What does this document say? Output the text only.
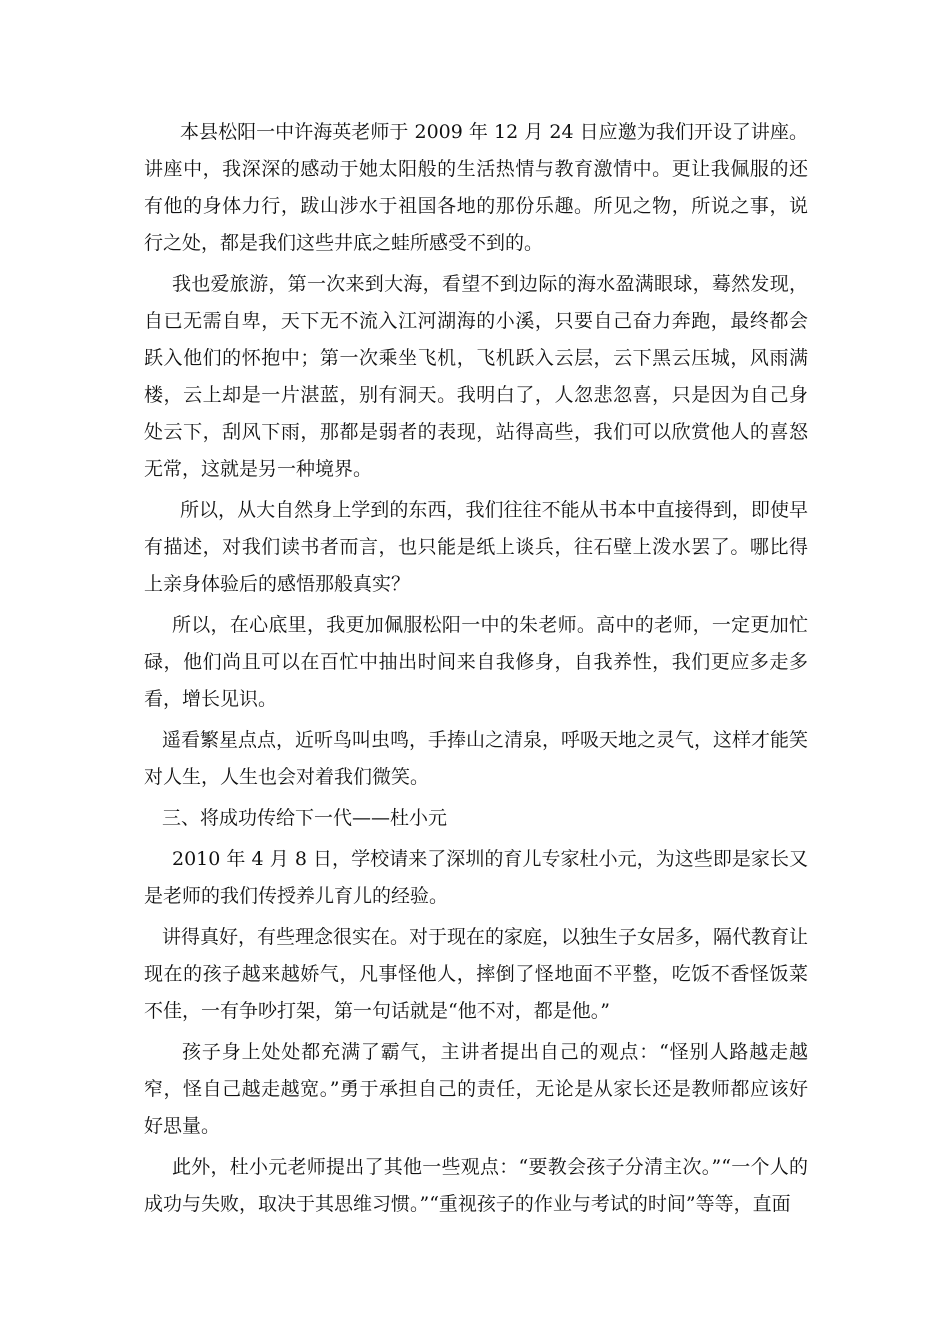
本县松阳一中许海英老师于 2009 年 12 月 24 日应邀为我们开设了讲座。讲座中，我深深的感动于她太阳般的生活热情与教育激情中。更让我佩服的还有他的身体力行，跋山涉水于祖国各地的那份乐趣。所见之物，所说之事，说行之处，都是我们这些井底之蛙所感受不到的。

我也爱旅游，第一次来到大海，看望不到边际的海水盈满眼球，蓦然发现，自已无需自卑，天下无不流入江河湖海的小溪，只要自己奋力奔跑，最终都会跃入他们的怀抱中；第一次乘坐飞机，飞机跃入云层，云下黑云压城，风雨满楼，云上却是一片湛蓝，别有洞天。我明白了，人忽悲忽喜，只是因为自己身处云下，刮风下雨，那都是弱者的表现，站得高些，我们可以欣赏他人的喜怒无常，这就是另一种境界。

所以，从大自然身上学到的东西，我们往往不能从书本中直接得到，即使早有描述，对我们读书者而言，也只能是纸上谈兵，往石壁上泼水罢了。哪比得上亲身体验后的感悟那般真实？

所以，在心底里，我更加佩服松阳一中的朱老师。高中的老师，一定更加忙碌，他们尚且可以在百忙中抽出时间来自我修身，自我养性，我们更应多走多看，增长见识。

遥看繁星点点，近听鸟叫虫鸣，手捧山之清泉，呼吸天地之灵气，这样才能笑对人生，人生也会对着我们微笑。

三、将成功传给下一代——杜小元

2010 年 4 月 8 日，学校请来了深圳的育儿专家杜小元，为这些即是家长又是老师的我们传授养儿育儿的经验。

讲得真好，有些理念很实在。对于现在的家庭，以独生子女居多，隔代教育让现在的孩子越来越娇气，凡事怪他人，摔倒了怪地面不平整，吃饭不香怪饭菜不佳，一有争吵打架，第一句话就是“他不对，都是他。”

孩子身上处处都充满了霸气，主讲者提出自己的观点：“怪别人路越走越窄，怪自己越走越宽。”勇于承担自己的责任，无论是从家长还是教师都应该好好思量。

此外，杜小元老师提出了其他一些观点：“要教会孩子分清主次。”“一个人的成功与失败，取决于其思维习惯。”“重视孩子的作业与考试的时间”等等，直面
